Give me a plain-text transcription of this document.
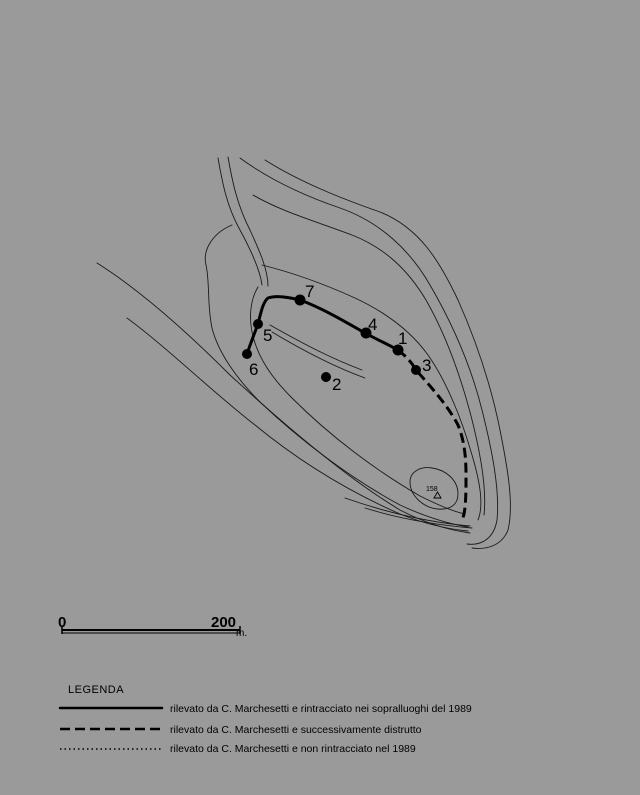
1
2
3
4
5
6
7
158
0	200
m.
LEGENDA
rilevato da C. Marchesetti e rintracciato nei sopralluoghi del 1989
rilevato da C. Marchesetti e successivamente distrutto
rilevato da C. Marchesetti e non rintracciato nel 1989
